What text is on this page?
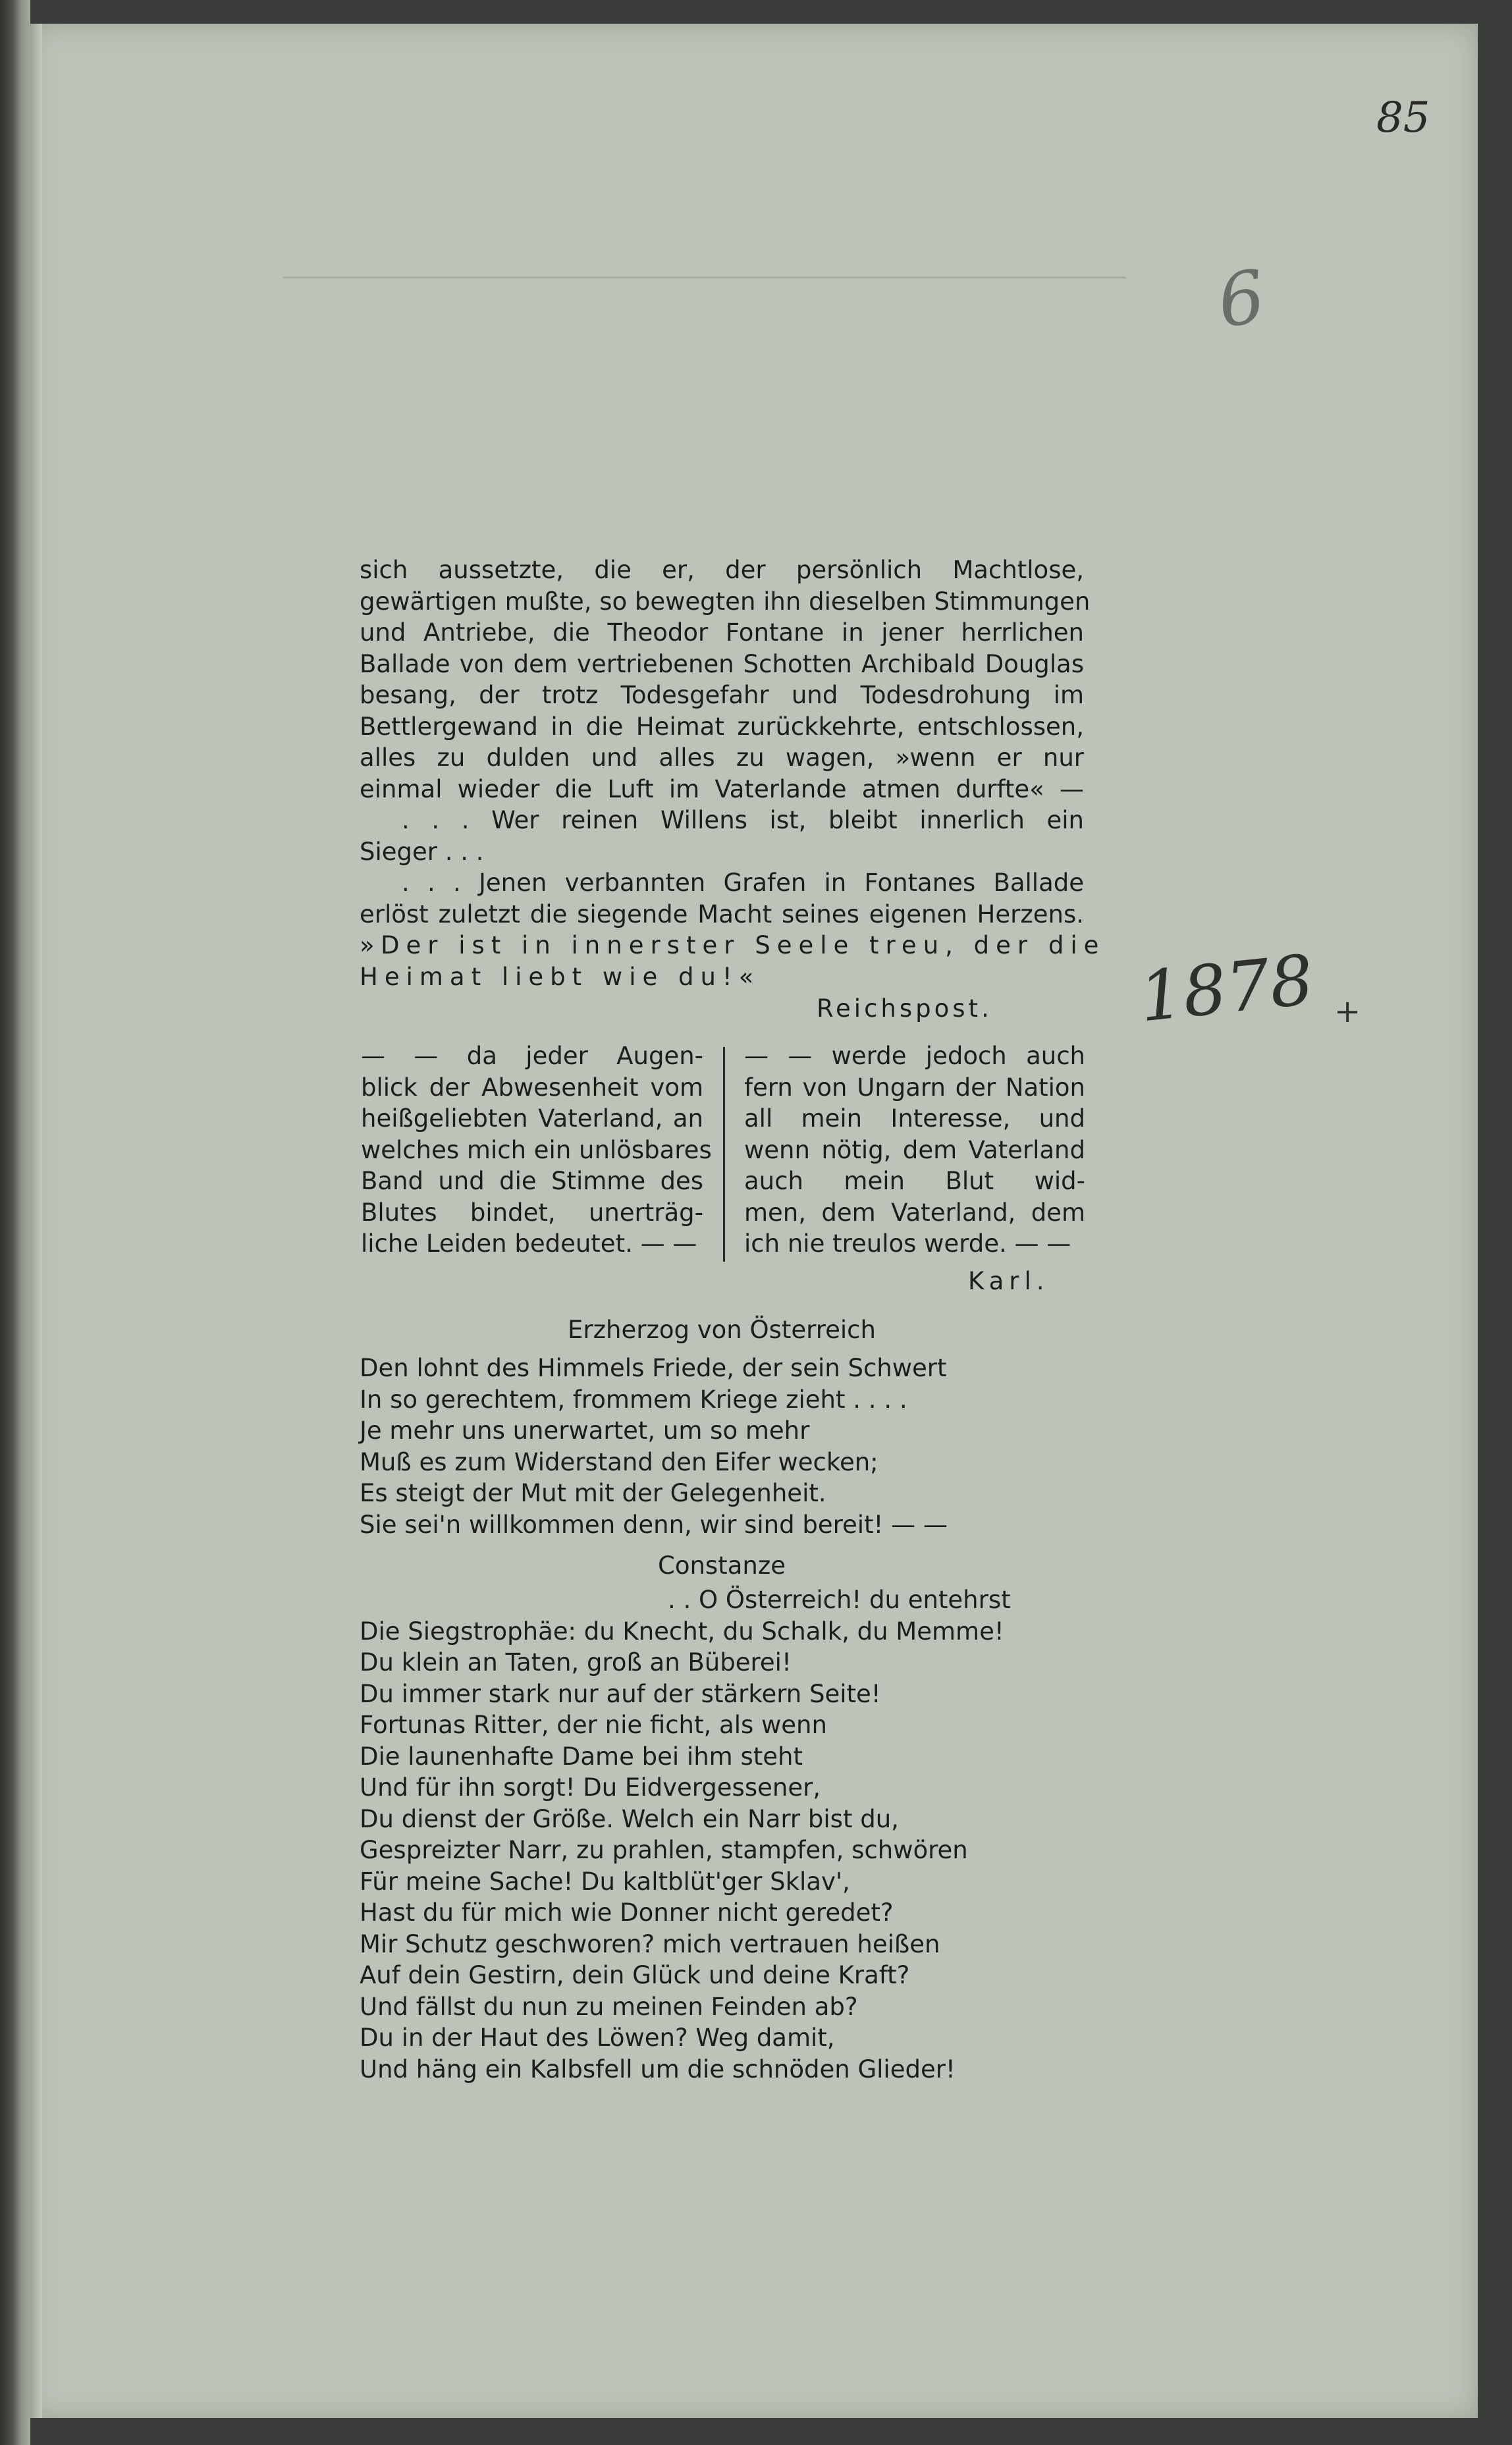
85
6
1878 +
sich aussetzte, die er, der persönlich Machtlose,
gewärtigen mußte, so bewegten ihn dieselben Stimmungen
und Antriebe, die Theodor Fontane in jener herrlichen
Ballade von dem vertriebenen Schotten Archibald Douglas
besang, der trotz Todesgefahr und Todesdrohung im
Bettlergewand in die Heimat zurückkehrte, entschlossen,
alles zu dulden und alles zu wagen, »wenn er nur
einmal wieder die Luft im Vaterlande atmen durfte« —
. . . Wer reinen Willens ist, bleibt innerlich ein
Sieger . . .
. . . Jenen verbannten Grafen in Fontanes Ballade
erlöst zuletzt die siegende Macht seines eigenen Herzens.
»Der ist in innerster Seele treu, der die
Heimat liebt wie du!«
Reichspost.
— — da jeder Augen-
blick der Abwesenheit vom
heißgeliebten Vaterland, an
welches mich ein unlösbares
Band und die Stimme des
Blutes bindet, unerträg-
liche Leiden bedeutet. — —
— — werde jedoch auch
fern von Ungarn der Nation
all mein Interesse, und
wenn nötig, dem Vaterland
auch mein Blut wid-
men, dem Vaterland, dem
ich nie treulos werde. — —
Karl.
Erzherzog von Österreich
Den lohnt des Himmels Friede, der sein Schwert
In so gerechtem, frommem Kriege zieht . . . .
Je mehr uns unerwartet, um so mehr
Muß es zum Widerstand den Eifer wecken;
Es steigt der Mut mit der Gelegenheit.
Sie sei'n willkommen denn, wir sind bereit! — —
Constanze
. . O Österreich! du entehrst
Die Siegstrophäe: du Knecht, du Schalk, du Memme!
Du klein an Taten, groß an Büberei!
Du immer stark nur auf der stärkern Seite!
Fortunas Ritter, der nie ficht, als wenn
Die launenhafte Dame bei ihm steht
Und für ihn sorgt! Du Eidvergessener,
Du dienst der Größe. Welch ein Narr bist du,
Gespreizter Narr, zu prahlen, stampfen, schwören
Für meine Sache! Du kaltblüt'ger Sklav',
Hast du für mich wie Donner nicht geredet?
Mir Schutz geschworen? mich vertrauen heißen
Auf dein Gestirn, dein Glück und deine Kraft?
Und fällst du nun zu meinen Feinden ab?
Du in der Haut des Löwen? Weg damit,
Und häng ein Kalbsfell um die schnöden Glieder!
